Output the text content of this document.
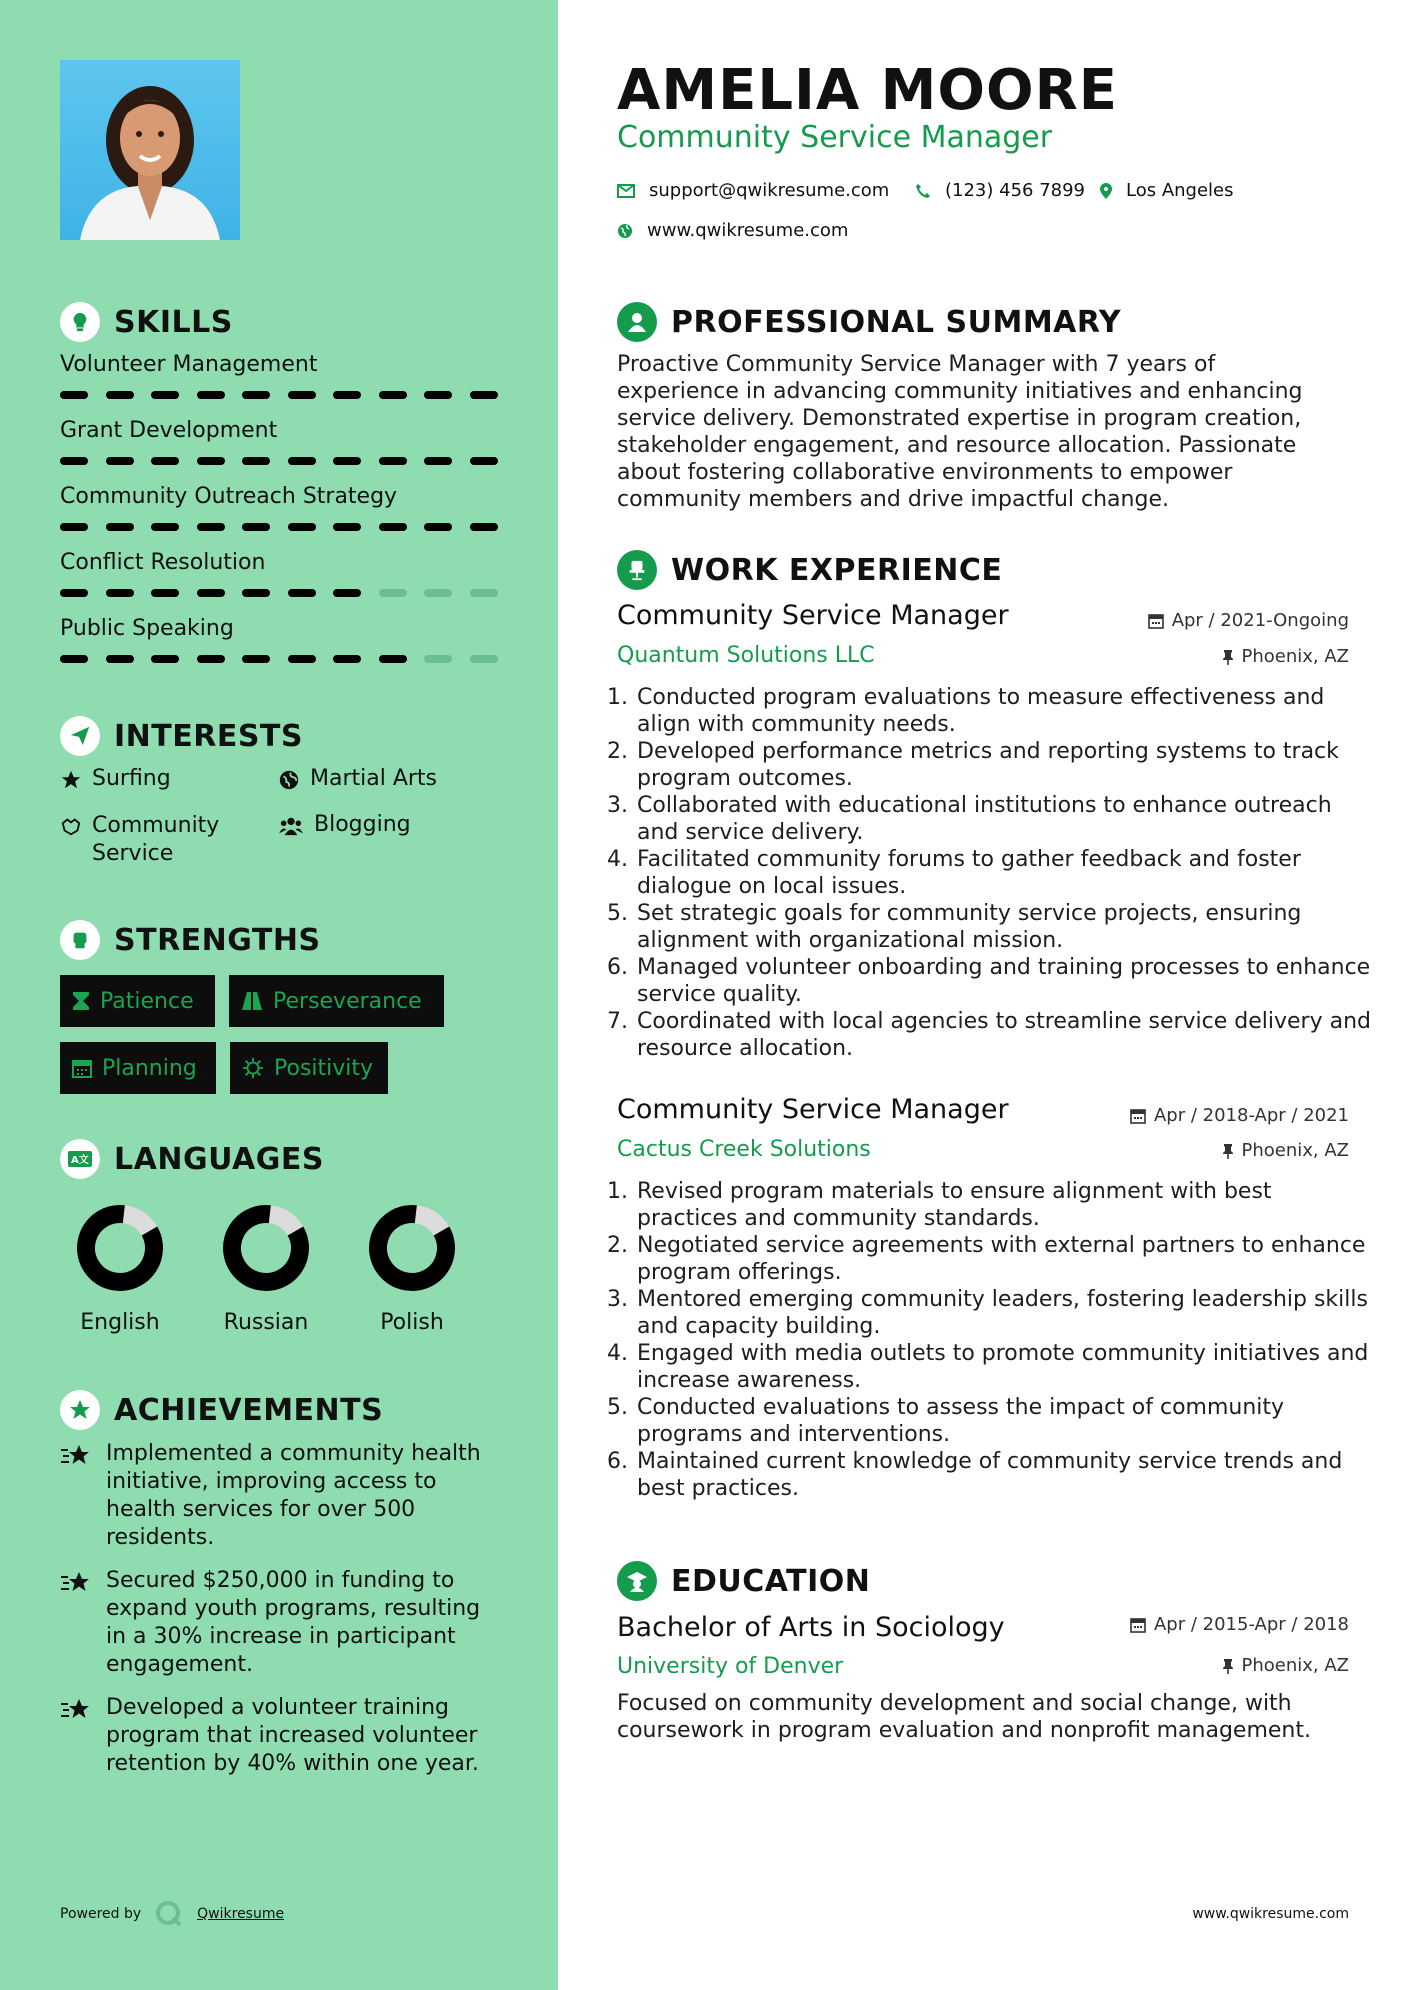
SKILLS
Volunteer Management
Grant Development
Community Outreach Strategy
Conflict Resolution
Public Speaking
INTERESTS
Surfing	Martial Arts
Community Service
Blogging
STRENGTHS
Patience	Perseverance
Planning	Positivity
A文 LANGUAGES
English	Russian	Polish
ACHIEVEMENTS
Implemented a community health initiative, improving access to health services for over 500 residents.
Secured $250,000 in funding to expand youth programs, resulting in a 30% increase in participant engagement.
Developed a volunteer training program that increased volunteer retention by 40% within one year.
Powered by	Qwikresume
AMELIA MOORE
Community Service Manager
support@qwikresume.com	(123) 456 7899 Los Angeles
www.qwikresume.com
PROFESSIONAL SUMMARY
Proactive Community Service Manager with 7 years of experience in advancing community initiatives and enhancing service delivery. Demonstrated expertise in program creation, stakeholder engagement, and resource allocation. Passionate about fostering collaborative environments to empower community members and drive impactful change.
WORK EXPERIENCE
Community Service Manager	Apr / 2021-Ongoing
Quantum Solutions LLC	Phoenix, AZ
1. Conducted program evaluations to measure effectiveness and align with community needs.
2. Developed performance metrics and reporting systems to track program outcomes.
3. Collaborated with educational institutions to enhance outreach and service delivery.
4. Facilitated community forums to gather feedback and foster dialogue on local issues.
5. Set strategic goals for community service projects, ensuring alignment with organizational mission.
6. Managed volunteer onboarding and training processes to enhance service quality.
7. Coordinated with local agencies to streamline service delivery and resource allocation.
Community Service Manager	Apr / 2018-Apr / 2021
Cactus Creek Solutions	Phoenix, AZ
1. Revised program materials to ensure alignment with best practices and community standards.
2. Negotiated service agreements with external partners to enhance program offerings.
3. Mentored emerging community leaders, fostering leadership skills and capacity building.
4. Engaged with media outlets to promote community initiatives and increase awareness.
5. Conducted evaluations to assess the impact of community programs and interventions.
6. Maintained current knowledge of community service trends and best practices.
EDUCATION
Bachelor of Arts in Sociology	Apr / 2015-Apr / 2018
University of Denver	Phoenix, AZ
Focused on community development and social change, with coursework in program evaluation and nonprofit management.
www.qwikresume.com
